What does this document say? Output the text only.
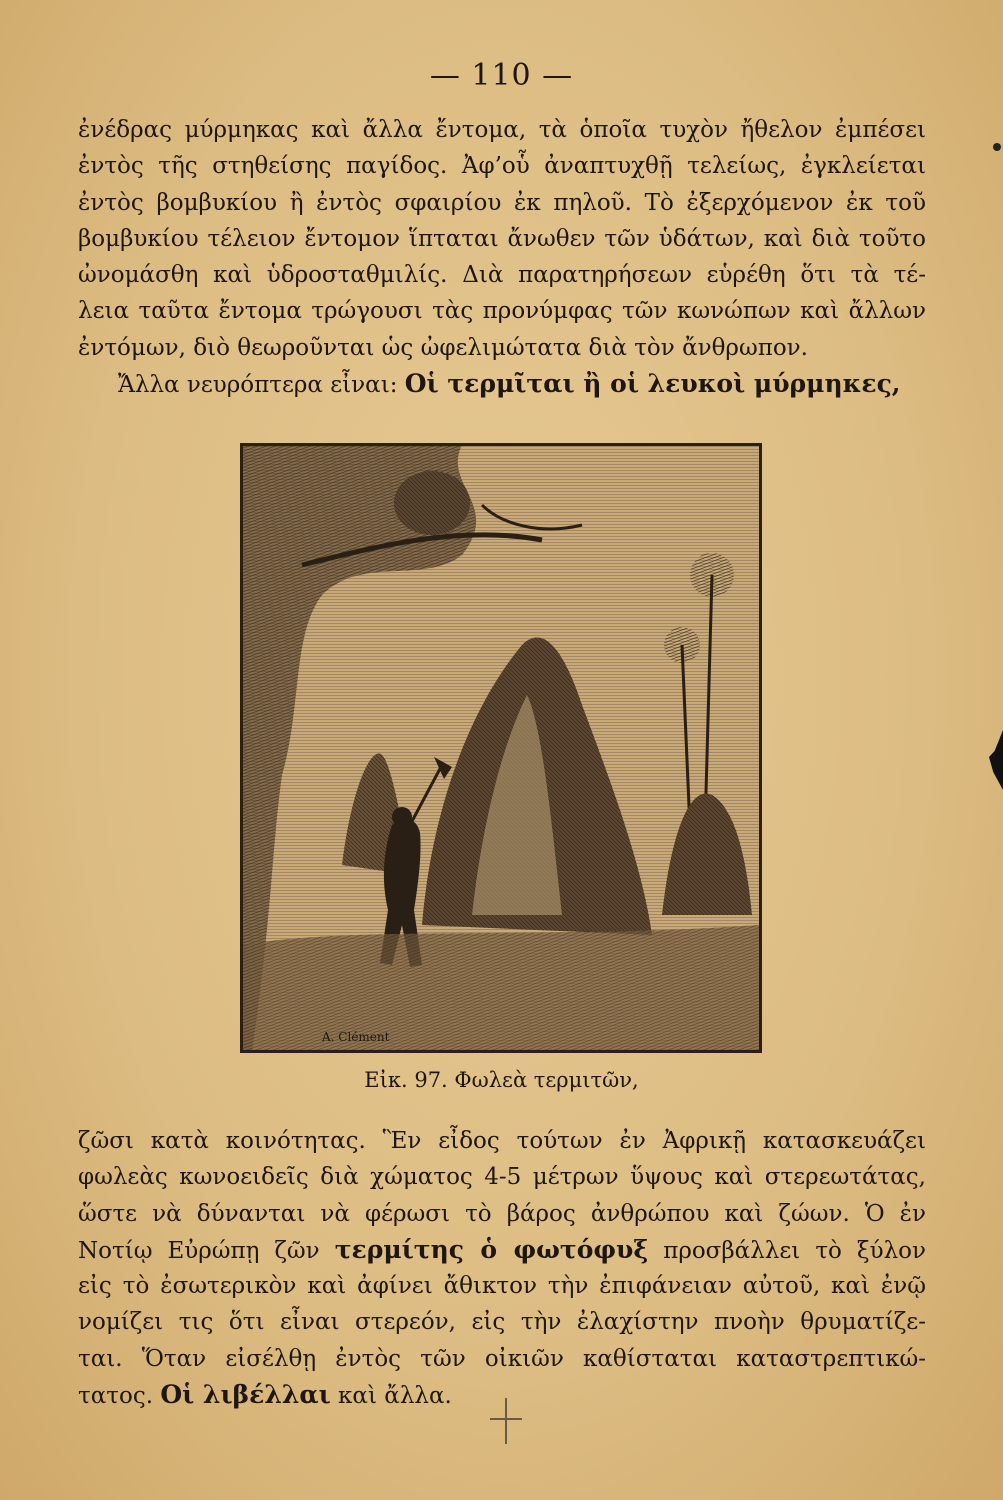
— 110 —
ἐνέδρας μύρμηκας καὶ ἄλλα ἔντομα, τὰ ὁποῖα τυχὸν ἤθελον ἐμπέσει
ἐντὸς τῆς στηθείσης παγίδος. Ἀφ’οὗ ἀναπτυχθῇ τελείως, ἐγκλείεται
ἐντὸς βομβυκίου ἢ ἐντὸς σφαιρίου ἐκ πηλοῦ. Τὸ ἐξερχόμενον ἐκ τοῦ
βομβυκίου τέλειον ἔντομον ἵπταται ἄνωθεν τῶν ὑδάτων, καὶ διὰ τοῦτο
ὠνομάσθη καὶ ὑδροσταθμιλίς. Διὰ παρατηρήσεων εὑρέθη ὅτι τὰ τέ-
λεια ταῦτα ἔντομα τρώγουσι τὰς προνύμφας τῶν κωνώπων καὶ ἄλλων
ἐντόμων, διὸ θεωροῦνται ὡς ὠφελιμώτατα διὰ τὸν ἄνθρωπον.
Ἄλλα νευρόπτερα εἶναι: Οἱ τερμῖται ἢ οἱ λευκοὶ μύρμηκες,
A. Clément
Εἰκ. 97. Φωλεὰ τερμιτῶν,
ζῶσι κατὰ κοινότητας. Ἓν εἶδος τούτων ἐν Ἀφρικῇ κατασκευάζει
φωλεὰς κωνοειδεῖς διὰ χώματος 4-5 μέτρων ὕψους καὶ στερεωτάτας,
ὥστε νὰ δύνανται νὰ φέρωσι τὸ βάρος ἀνθρώπου καὶ ζώων. Ὁ ἐν
Νοτίῳ Εὐρώπῃ ζῶν τερμίτης ὁ φωτόφυξ προσβάλλει τὸ ξύλον
εἰς τὸ ἐσωτερικὸν καὶ ἀφίνει ἄθικτον τὴν ἐπιφάνειαν αὐτοῦ, καὶ ἐνῷ
νομίζει τις ὅτι εἶναι στερεόν, εἰς τὴν ἐλαχίστην πνοὴν θρυματίζε-
ται. Ὅταν εἰσέλθῃ ἐντὸς τῶν οἰκιῶν καθίσταται καταστρεπτικώ-
τατος. Οἱ λιβέλλαι καὶ ἄλλα.
